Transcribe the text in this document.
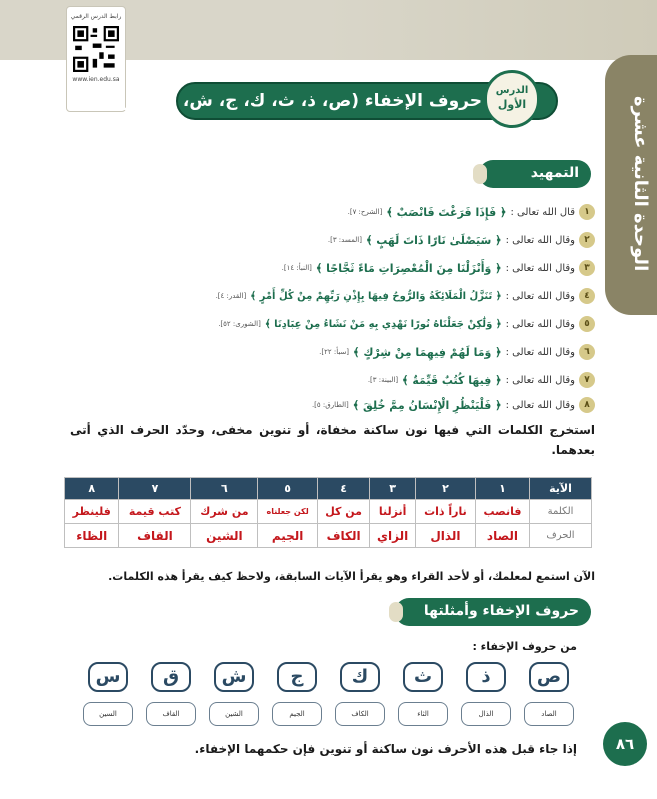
الوحدة الثانية عشرة
رابط الدرس الرقمي
www.ien.edu.sa
حروف الإخفاء (ص، ذ، ث، ك، ج، ش، ق ، س)
الدرس
الأول
التمهيد
١
قال الله تعالى :
﴿ فَإِذَا فَرَغْتَ فَانْصَبْ ﴾
[الشرح: ٧].
٢
وقال الله تعالى :
﴿ سَيَصْلَىٰ نَارًا ذَاتَ لَهَبٍ ﴾
[المسد: ٣].
٣
وقال الله تعالى :
﴿ وَأَنْزَلْنَا مِنَ الْمُعْصِرَاتِ مَاءً ثَجَّاجًا ﴾
[النبأ: ١٤].
٤
وقال الله تعالى :
﴿ تَنَزَّلُ الْمَلَائِكَةُ وَالرُّوحُ فِيهَا بِإِذْنِ رَبِّهِمْ مِنْ كُلِّ أَمْرٍ ﴾
[القدر: ٤].
٥
وقال الله تعالى :
﴿ وَلَٰكِنْ جَعَلْنَاهُ نُورًا نَهْدِي بِهِ مَنْ نَشَاءُ مِنْ عِبَادِنَا ﴾
[الشورى: ٥٢].
٦
وقال الله تعالى :
﴿ وَمَا لَهُمْ فِيهِمَا مِنْ شِرْكٍ ﴾
[سبأ: ٢٢].
٧
وقال الله تعالى :
﴿ فِيهَا كُتُبٌ قَيِّمَةٌ ﴾
[البينة: ٣].
٨
وقال الله تعالى :
﴿ فَلْيَنْظُرِ الْإِنْسَانُ مِمَّ خُلِقَ ﴾
[الطارق: ٥].
استخرج الكلمات التي فيها نون ساكنة مخفاة، أو تنوين مخفى، وحدّد الحرف الذي أتى بعدهما.
الآية	١	٢	٣	٤	٥	٦	٧	٨
الكلمة	فانصب	ناراً ذات	أنزلنا	من كل	لكن جعلناه	من شرك	كتب قيمة	فلينظر
الحرف	الصاد	الذال	الزاي	الكاف	الجيم	الشين	القاف	الظاء
الآن استمع لمعلمك، أو لأحد القراء وهو يقرأ الآيات السابقة، ولاحظ كيف يقرأ هذه الكلمات.
حروف الإخفاء وأمثلتها
من حروف الإخفاء :
ص
الصاد
ذ
الذال
ث
الثاء
ك
الكاف
ج
الجيم
ش
الشين
ق
القاف
س
السين
إذا جاء قبل هذه الأحرف نون ساكنة أو تنوين فإن حكمهما الإخفاء.	٨٦
